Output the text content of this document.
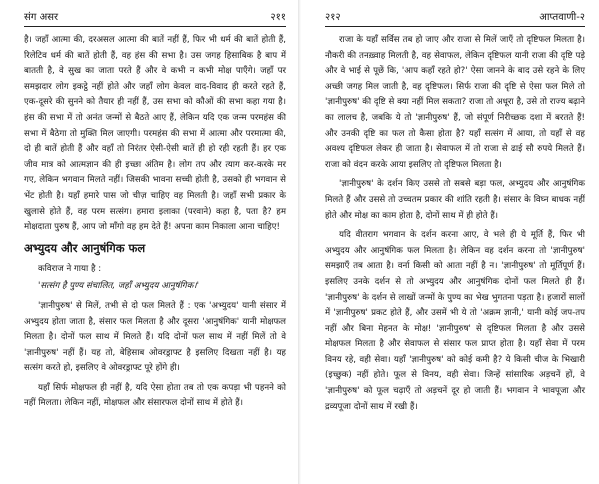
संग असर	२११

है। जहाँ आत्मा की, दरअसल आत्मा की बातें नहीं हैं, फिर भी धर्म की बातें होती हैं, रिलेटिव धर्म की बातें होती हैं, वह हंस की सभा है। उस जगह हिसाबिक है बाप में बातती है, वे सुख का जाता परते हैं और वे कभी न कभी मोक्ष पाएँगे। जहाँ पर समझदार लोग इकट्ठे नहीं होते और जहाँ लोग केवल वाद-विवाद ही करते रहते हैं, एक-दूसरे की सुनने को तैयार ही नहीं हैं, उस सभा को कौओं की सभा कहा गया है। हंस की सभा में तो अनंत जन्मों से बैठते आए हैं, लेकिन यदि एक जन्म परमहंस की सभा में बैठेगा तो मुक्ति मिल जाएगी। परमहंस की सभा में आत्मा और परमात्मा की, दो ही बातें होती हैं और वहाँ तो निरंतर ऐसी-ऐसी बातें ही हो रही रहती हैं। हर एक जीव मात्र को आत्मज्ञान की ही इच्छा अंतिम है। लोग तप और त्याग कर-करके मर गए, लेकिन भगवान मिलते नहीं। जिसकी भावना सच्ची होती है, उसको ही भगवान से भेंट होती है। यहाँ हमारे पास जो चीज़ चाहिए वह मिलती है। जहाँ सभी प्रकार के खुलासे होते हैं, वह परम सत्संग। हमारा इलाका (परवाने) कहा है, पता है? हम मोक्षदाता पुरुष हैं, आप जो माँगो वह हम देते हैं! अपना काम निकाला आना चाहिए!

अभ्युदय और आनुषंगिक फल

कविराज ने गाया है :

'सत्संग है पुण्य संचालित, जहाँ अभ्युदय आनुषंगिक।'

'ज्ञानीपुरुष' से मिलें, तभी से दो फल मिलते हैं : एक 'अभ्युदय' यानी संसार में अभ्युदय होता जाता है, संसार फल मिलता है और दूसरा 'आनुषंगिक' यानी मोक्षफल मिलता है। दोनों फल साथ में मिलते हैं। यदि दोनों फल साथ में नहीं मिलें तो वे 'ज्ञानीपुरुष' नहीं हैं। यह तो, बेहिसाब ओवरड्राफ्ट है इसलिए दिखता नहीं है। यह सत्संग करते हो, इसलिए वे ओवरड्राफ्ट पूरे होंगे ही।

यहाँ सिर्फ मोक्षफल ही नहीं है, यदि ऐसा होता तब तो एक कपड़ा भी पहनने को नहीं मिलता। लेकिन नहीं, मोक्षफल और संसारफल दोनों साथ में होते हैं।

२१२	आप्तवाणी-२

राजा के यहाँ सर्विस तब हो जाए और राजा से मिलें जाएँ तो दृष्टिफल मिलता है। नौकरी की तनख़्वाह मिलती है, वह सेवाफल, लेकिन दृष्टिफल यानी राजा की दृष्टि पड़े और वे भाई से पूछें कि, 'आप कहाँ रहते हो?' ऐसा जानने के बाद उसे रहने के लिए अच्छी जगह मिल जाती है, वह दृष्टिफल। सिर्फ राजा की दृष्टि से ऐसा फल मिले तो 'ज्ञानीपुरुष' की दृष्टि से क्या नहीं मिल सकता? राजा तो अधूरा है, उसे तो राज्य बढ़ाने का लालच है, जबकि ये तो 'ज्ञानीपुरुष' हैं, जो संपूर्ण निरीच्छक दशा में बरतते हैं! और उनकी दृष्टि का फल तो कैसा होता है? यहाँ सत्संग में आया, तो यहाँ से वह अवश्य दृष्टिफल लेकर ही जाता है। सेवाफल में तो राजा से ढाई सौ रुपये मिलते हैं। राजा को वंदन करके आया इसलिए तो दृष्टिफल मिलता है।

'ज्ञानीपुरुष' के दर्शन किए उससे तो सबसे बड़ा फल, अभ्युदय और आनुषंगिक मिलते हैं और उससे तो उच्चतम प्रकार की शांति रहती है। संसार के विघ्न बाधक नहीं होते और मोक्ष का काम होता है, दोनों साथ में ही होते हैं।

यदि वीतराग भगवान के दर्शन करना आए, वे भले ही ये मूर्ति हैं, फिर भी अभ्युदय और आनुषंगिक फल मिलता है। लेकिन वह दर्शन करना तो 'ज्ञानीपुरुष' समझाएँ तब आता है। वर्ना किसी को आता नहीं है न। 'ज्ञानीपुरुष' तो मूर्तिपूर्ण हैं। इसलिए उनके दर्शन से तो अभ्युदय और आनुषंगिक दोनों फल मिलते ही हैं। 'ज्ञानीपुरुष' के दर्शन से लाखों जन्मों के पुण्य का भेख भुगतना पड़ता है। हजारों सालों में 'ज्ञानीपुरुष' प्रकट होते हैं, और उसमें भी ये तो 'अक्रम ज्ञानी,' यानी कोई जप-तप नहीं और बिना मेहनत के मोक्ष! 'ज्ञानीपुरुष' से दृष्टिफल मिलता है और उससे मोक्षफल मिलता है और सेवाफल से संसार फल प्राप्त होता है। यहाँ सेवा में परम विनय रहे, वही सेवा। यहाँ 'ज्ञानीपुरुष' को कोई कमी है? ये किसी चीज के भिखारी (इच्छुक) नहीं होते। फूल से विनय, वही सेवा। जिन्हें सांसारिक अड़चनें हों, वे 'ज्ञानीपुरुष' को फूल चढ़ाएँ तो अड़चनें दूर हो जाती हैं। भगवान ने भावपूजा और द्रव्यपूजा दोनों साथ में रखी हैं।
